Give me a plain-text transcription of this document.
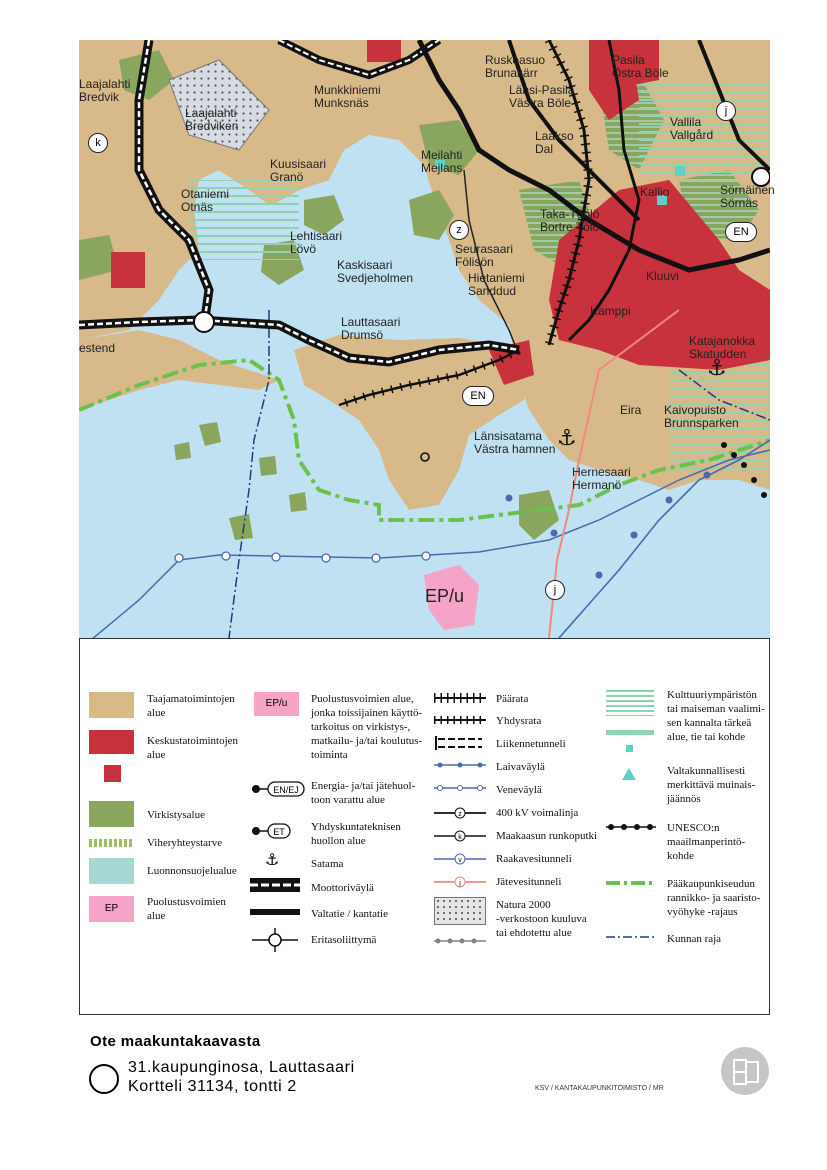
⚓
⚓
Laajalahti
Bredvik
Laajalahti
Bredviken
Munkkiniemi
Munksnäs
Ruskeasuo
Brunakärr
Pasila
Östra Böle
Länsi-Pasila
Västra Böle
Vallila
Vallgård
Meilahti
Mejlans
Laakso
Dal
Kuusisaari
Granö
Otaniemi
Otnäs
Lehtisaari
Lövö
Kaskisaari
Svedjeholmen
Seurasaari
Fölisön
Hietaniemi
Sanddud
Taka-Töölö
Bortre Tölö
Lauttasaari
Drumsö	Katajanokka
Skatudden
estend
Eira Kaivopuisto
Brunnsparken
Länsisatama
Västra hamnen
Hernesaari
Hermanö
Kallio
Kamppi
Kluuvi
Sörnäinen
Sörnäs
EP/u
k
j
z
j
EN
EN
EP
Taajamatoimintojen
alue
Keskustatoimintojen
alue
Virkistysalue
Viheryhteystarve
Luonnonsuojelualue
Puolustusvoimien
alue
EP/u
EN/EJ
ET
⚓
Puolustusvoimien alue,
jonka toissijainen käyttö-
tarkoitus on virkistys-,
matkailu- ja/tai koulutus-
toiminta
Energia- ja/tai jätehuol-
toon varattu alue
Yhdyskuntateknisen
huollon alue
Satama
Moottoriväylä
Valtatie / kantatie
Eritasoliittymä
z
k
v
j
Päärata
Yhdysrata
Liikennetunneli
Laivaväylä
Veneväylä
400 kV voimalinja
Maakaasun runkoputki
Raakavesitunneli
Jätevesitunneli
Natura 2000
-verkostoon kuuluva
tai ehdotettu alue
Kulttuuriympäristön
tai maiseman vaalimi-
sen kannalta tärkeä
alue, tie tai kohde
Valtakunnallisesti
merkittävä muinais-
jäännös
UNESCO:n
maailmanperintö-
kohde
Pääkaupunkiseudun
rannikko- ja saaristo-
vyöhyke -rajaus
Kunnan raja
Ote maakuntakaavasta
31.kaupunginosa, Lauttasaari
Kortteli 31134, tontti 2	KSV / KANTAKAUPUNKITOIMISTO / MR
